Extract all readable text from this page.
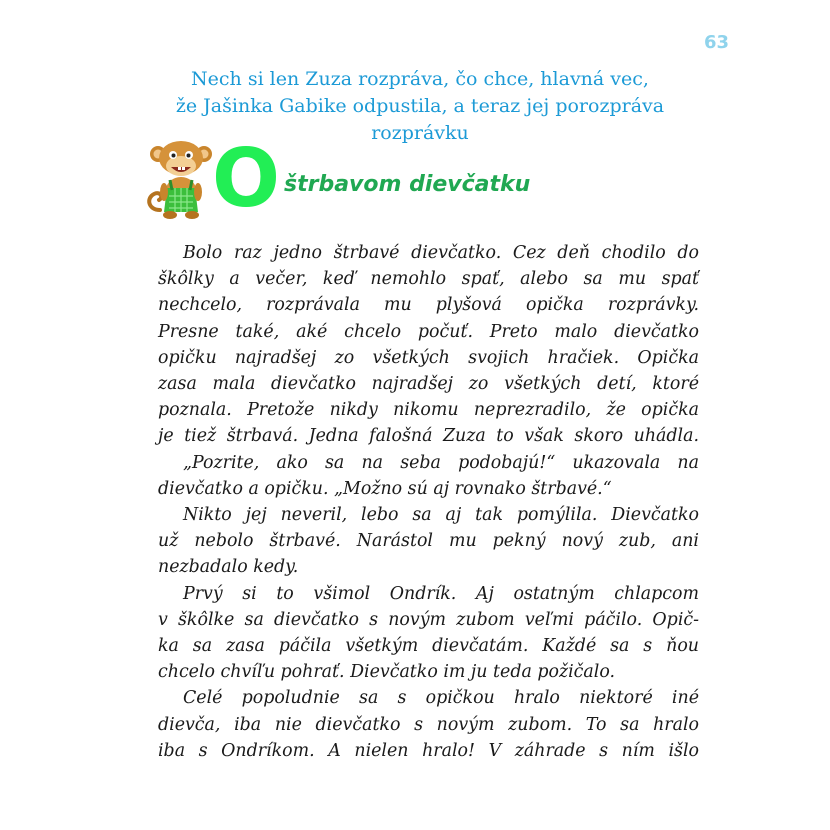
63
Nech si len Zuza rozpráva, čo chce, hlavná vec,
že Jašinka Gabike odpustila, a teraz jej porozpráva
rozprávku
O štrbavom dievčatku
Bolo raz jedno štrbavé dievčatko. Cez deň chodilo do
škôlky a večer, keď nemohlo spať, alebo sa mu spať
nechcelo, rozprávala mu plyšová opička rozprávky.
Presne také, aké chcelo počuť. Preto malo dievčatko
opičku najradšej zo všetkých svojich hračiek. Opička
zasa mala dievčatko najradšej zo všetkých detí, ktoré
poznala. Pretože nikdy nikomu neprezradilo, že opička
je tiež štrbavá. Jedna falošná Zuza to však skoro uhádla.
„Pozrite, ako sa na seba podobajú!“ ukazovala na
dievčatko a opičku. „Možno sú aj rovnako štrbavé.“
Nikto jej neveril, lebo sa aj tak pomýlila. Dievčatko
už nebolo štrbavé. Narástol mu pekný nový zub, ani
nezbadalo kedy.
Prvý si to všimol Ondrík. Aj ostatným chlapcom
v škôlke sa dievčatko s novým zubom veľmi páčilo. Opič-
ka sa zasa páčila všetkým dievčatám. Každé sa s ňou
chcelo chvíľu pohrať. Dievčatko im ju teda požičalo.
Celé popoludnie sa s opičkou hralo niektoré iné
dievča, iba nie dievčatko s novým zubom. To sa hralo
iba s Ondríkom. A nielen hralo! V záhrade s ním išlo
